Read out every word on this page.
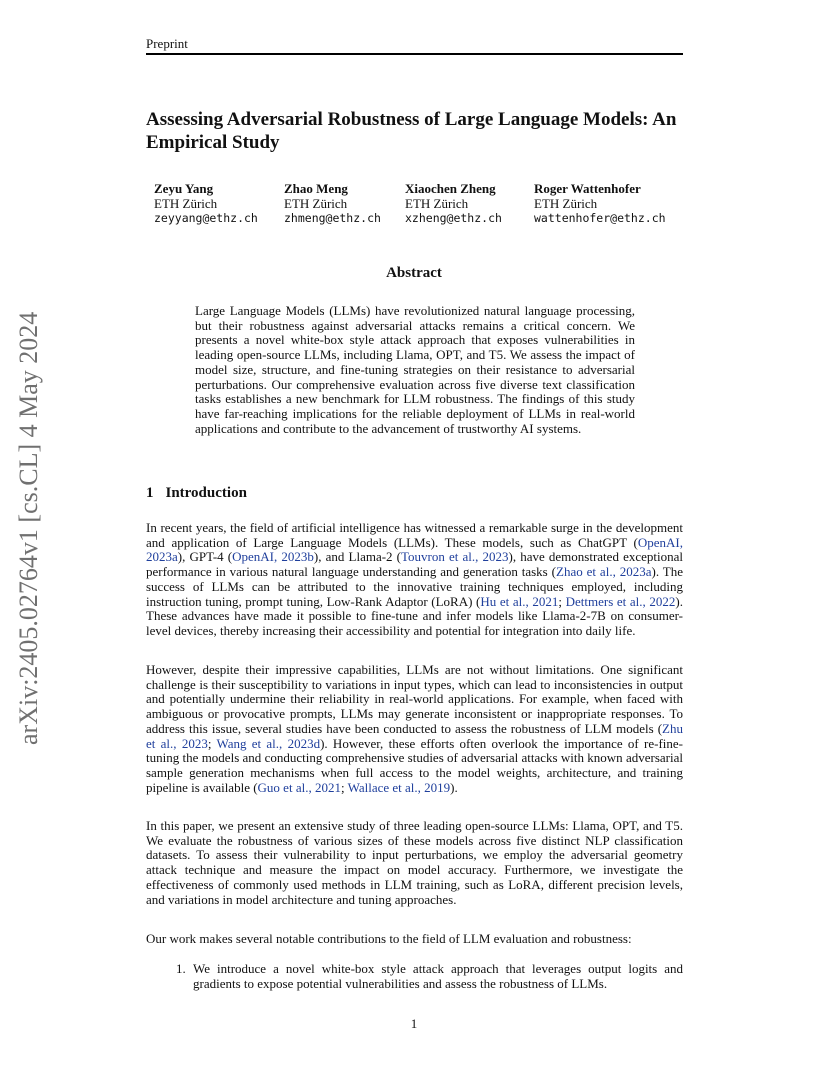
Preprint
arXiv:2405.02764v1 [cs.CL] 4 May 2024
Assessing Adversarial Robustness of Large Language Models: An Empirical Study
Zeyu Yang
ETH Zürich
zeyyang@ethz.ch
Zhao Meng
ETH Zürich
zhmeng@ethz.ch
Xiaochen Zheng
ETH Zürich
xzheng@ethz.ch
Roger Wattenhofer
ETH Zürich
wattenhofer@ethz.ch
Abstract

Large Language Models (LLMs) have revolutionized natural language processing, but their robustness against adversarial attacks remains a critical concern. We presents a novel white-box style attack approach that exposes vulnerabilities in leading open-source LLMs, including Llama, OPT, and T5. We assess the impact of model size, structure, and fine-tuning strategies on their resistance to adversarial perturbations. Our comprehensive evaluation across five diverse text classification tasks establishes a new benchmark for LLM robustness. The findings of this study have far-reaching implications for the reliable deployment of LLMs in real-world applications and contribute to the advancement of trustworthy AI systems.

1 Introduction

In recent years, the field of artificial intelligence has witnessed a remarkable surge in the development and application of Large Language Models (LLMs). These models, such as ChatGPT (OpenAI, 2023a), GPT-4 (OpenAI, 2023b), and Llama-2 (Touvron et al., 2023), have demonstrated exceptional performance in various natural language understanding and generation tasks (Zhao et al., 2023a). The success of LLMs can be attributed to the innovative training techniques employed, including instruction tuning, prompt tuning, Low-Rank Adaptor (LoRA) (Hu et al., 2021; Dettmers et al., 2022). These advances have made it possible to fine-tune and infer models like Llama-2-7B on consumer-level devices, thereby increasing their accessibility and potential for integration into daily life.

However, despite their impressive capabilities, LLMs are not without limitations. One significant challenge is their susceptibility to variations in input types, which can lead to inconsistencies in output and potentially undermine their reliability in real-world applications. For example, when faced with ambiguous or provocative prompts, LLMs may generate inconsistent or inappropriate responses. To address this issue, several studies have been conducted to assess the robustness of LLM models (Zhu et al., 2023; Wang et al., 2023d). However, these efforts often overlook the importance of re-fine-tuning the models and conducting comprehensive studies of adversarial attacks with known adversarial sample generation mechanisms when full access to the model weights, architecture, and training pipeline is available (Guo et al., 2021; Wallace et al., 2019).

In this paper, we present an extensive study of three leading open-source LLMs: Llama, OPT, and T5. We evaluate the robustness of various sizes of these models across five distinct NLP classification datasets. To assess their vulnerability to input perturbations, we employ the adversarial geometry attack technique and measure the impact on model accuracy. Furthermore, we investigate the effectiveness of commonly used methods in LLM training, such as LoRA, different precision levels, and variations in model architecture and tuning approaches.

Our work makes several notable contributions to the field of LLM evaluation and robustness:

1. We introduce a novel white-box style attack approach that leverages output logits and gradients to expose potential vulnerabilities and assess the robustness of LLMs.

1
